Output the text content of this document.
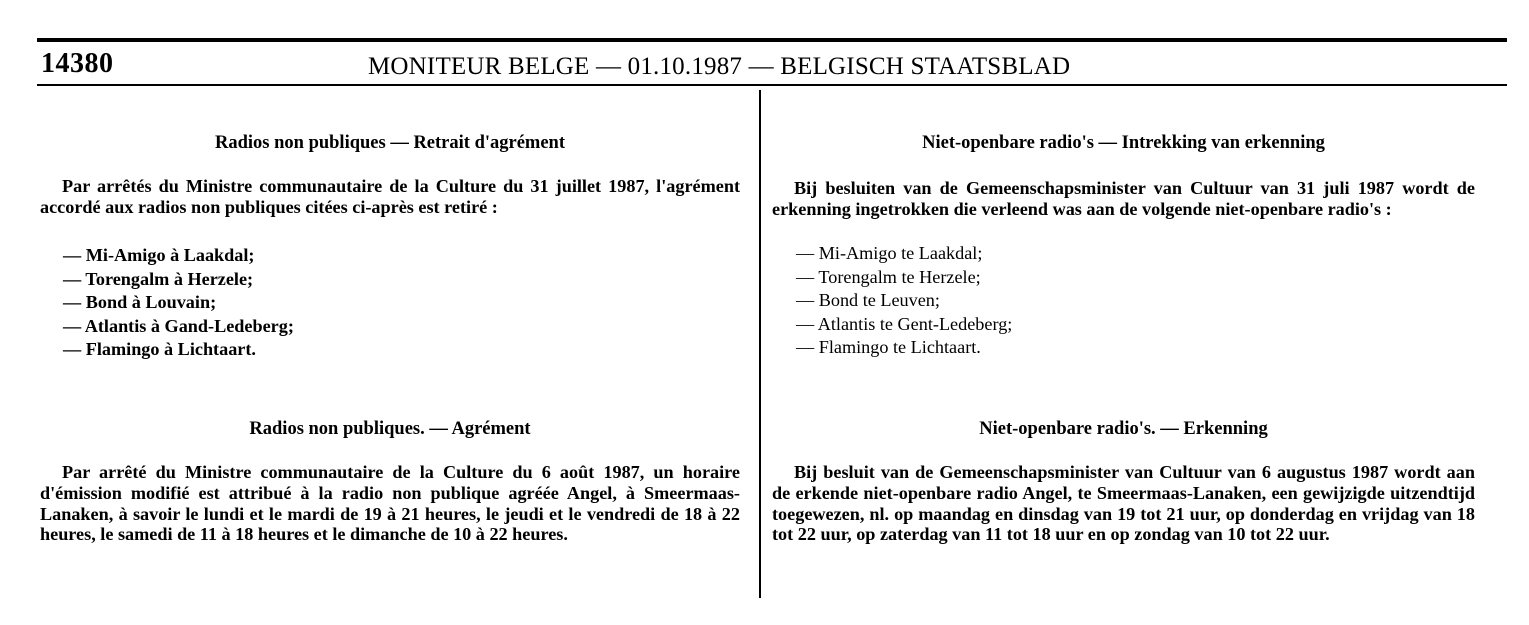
14380	MONITEUR BELGE — 01.10.1987 — BELGISCH STAATSBLAD
Radios non publiques — Retrait d'agrément

Par arrêtés du Ministre communautaire de la Culture du 31 juillet 1987, l'agrément accordé aux radios non publiques citées ci-après est retiré :

— Mi-Amigo à Laakdal;
— Torengalm à Herzele;
— Bond à Louvain;
— Atlantis à Gand-Ledeberg;
— Flamingo à Lichtaart.
Radios non publiques. — Agrément

Par arrêté du Ministre communautaire de la Culture du 6 août 1987, un horaire d'émission modifié est attribué à la radio non publique agréée Angel, à Smeermaas-Lanaken, à savoir le lundi et le mardi de 19 à 21 heures, le jeudi et le vendredi de 18 à 22 heures, le samedi de 11 à 18 heures et le dimanche de 10 à 22 heures.

Niet-openbare radio's — Intrekking van erkenning

Bij besluiten van de Gemeenschapsminister van Cultuur van 31 juli 1987 wordt de erkenning ingetrokken die verleend was aan de volgende niet-openbare radio's :

— Mi-Amigo te Laakdal;
— Torengalm te Herzele;
— Bond te Leuven;
— Atlantis te Gent-Ledeberg;
— Flamingo te Lichtaart.
Niet-openbare radio's. — Erkenning

Bij besluit van de Gemeenschapsminister van Cultuur van 6 augustus 1987 wordt aan de erkende niet-openbare radio Angel, te Smeermaas-Lanaken, een gewijzigde uitzendtijd toegewezen, nl. op maandag en dinsdag van 19 tot 21 uur, op donderdag en vrijdag van 18 tot 22 uur, op zaterdag van 11 tot 18 uur en op zondag van 10 tot 22 uur.
